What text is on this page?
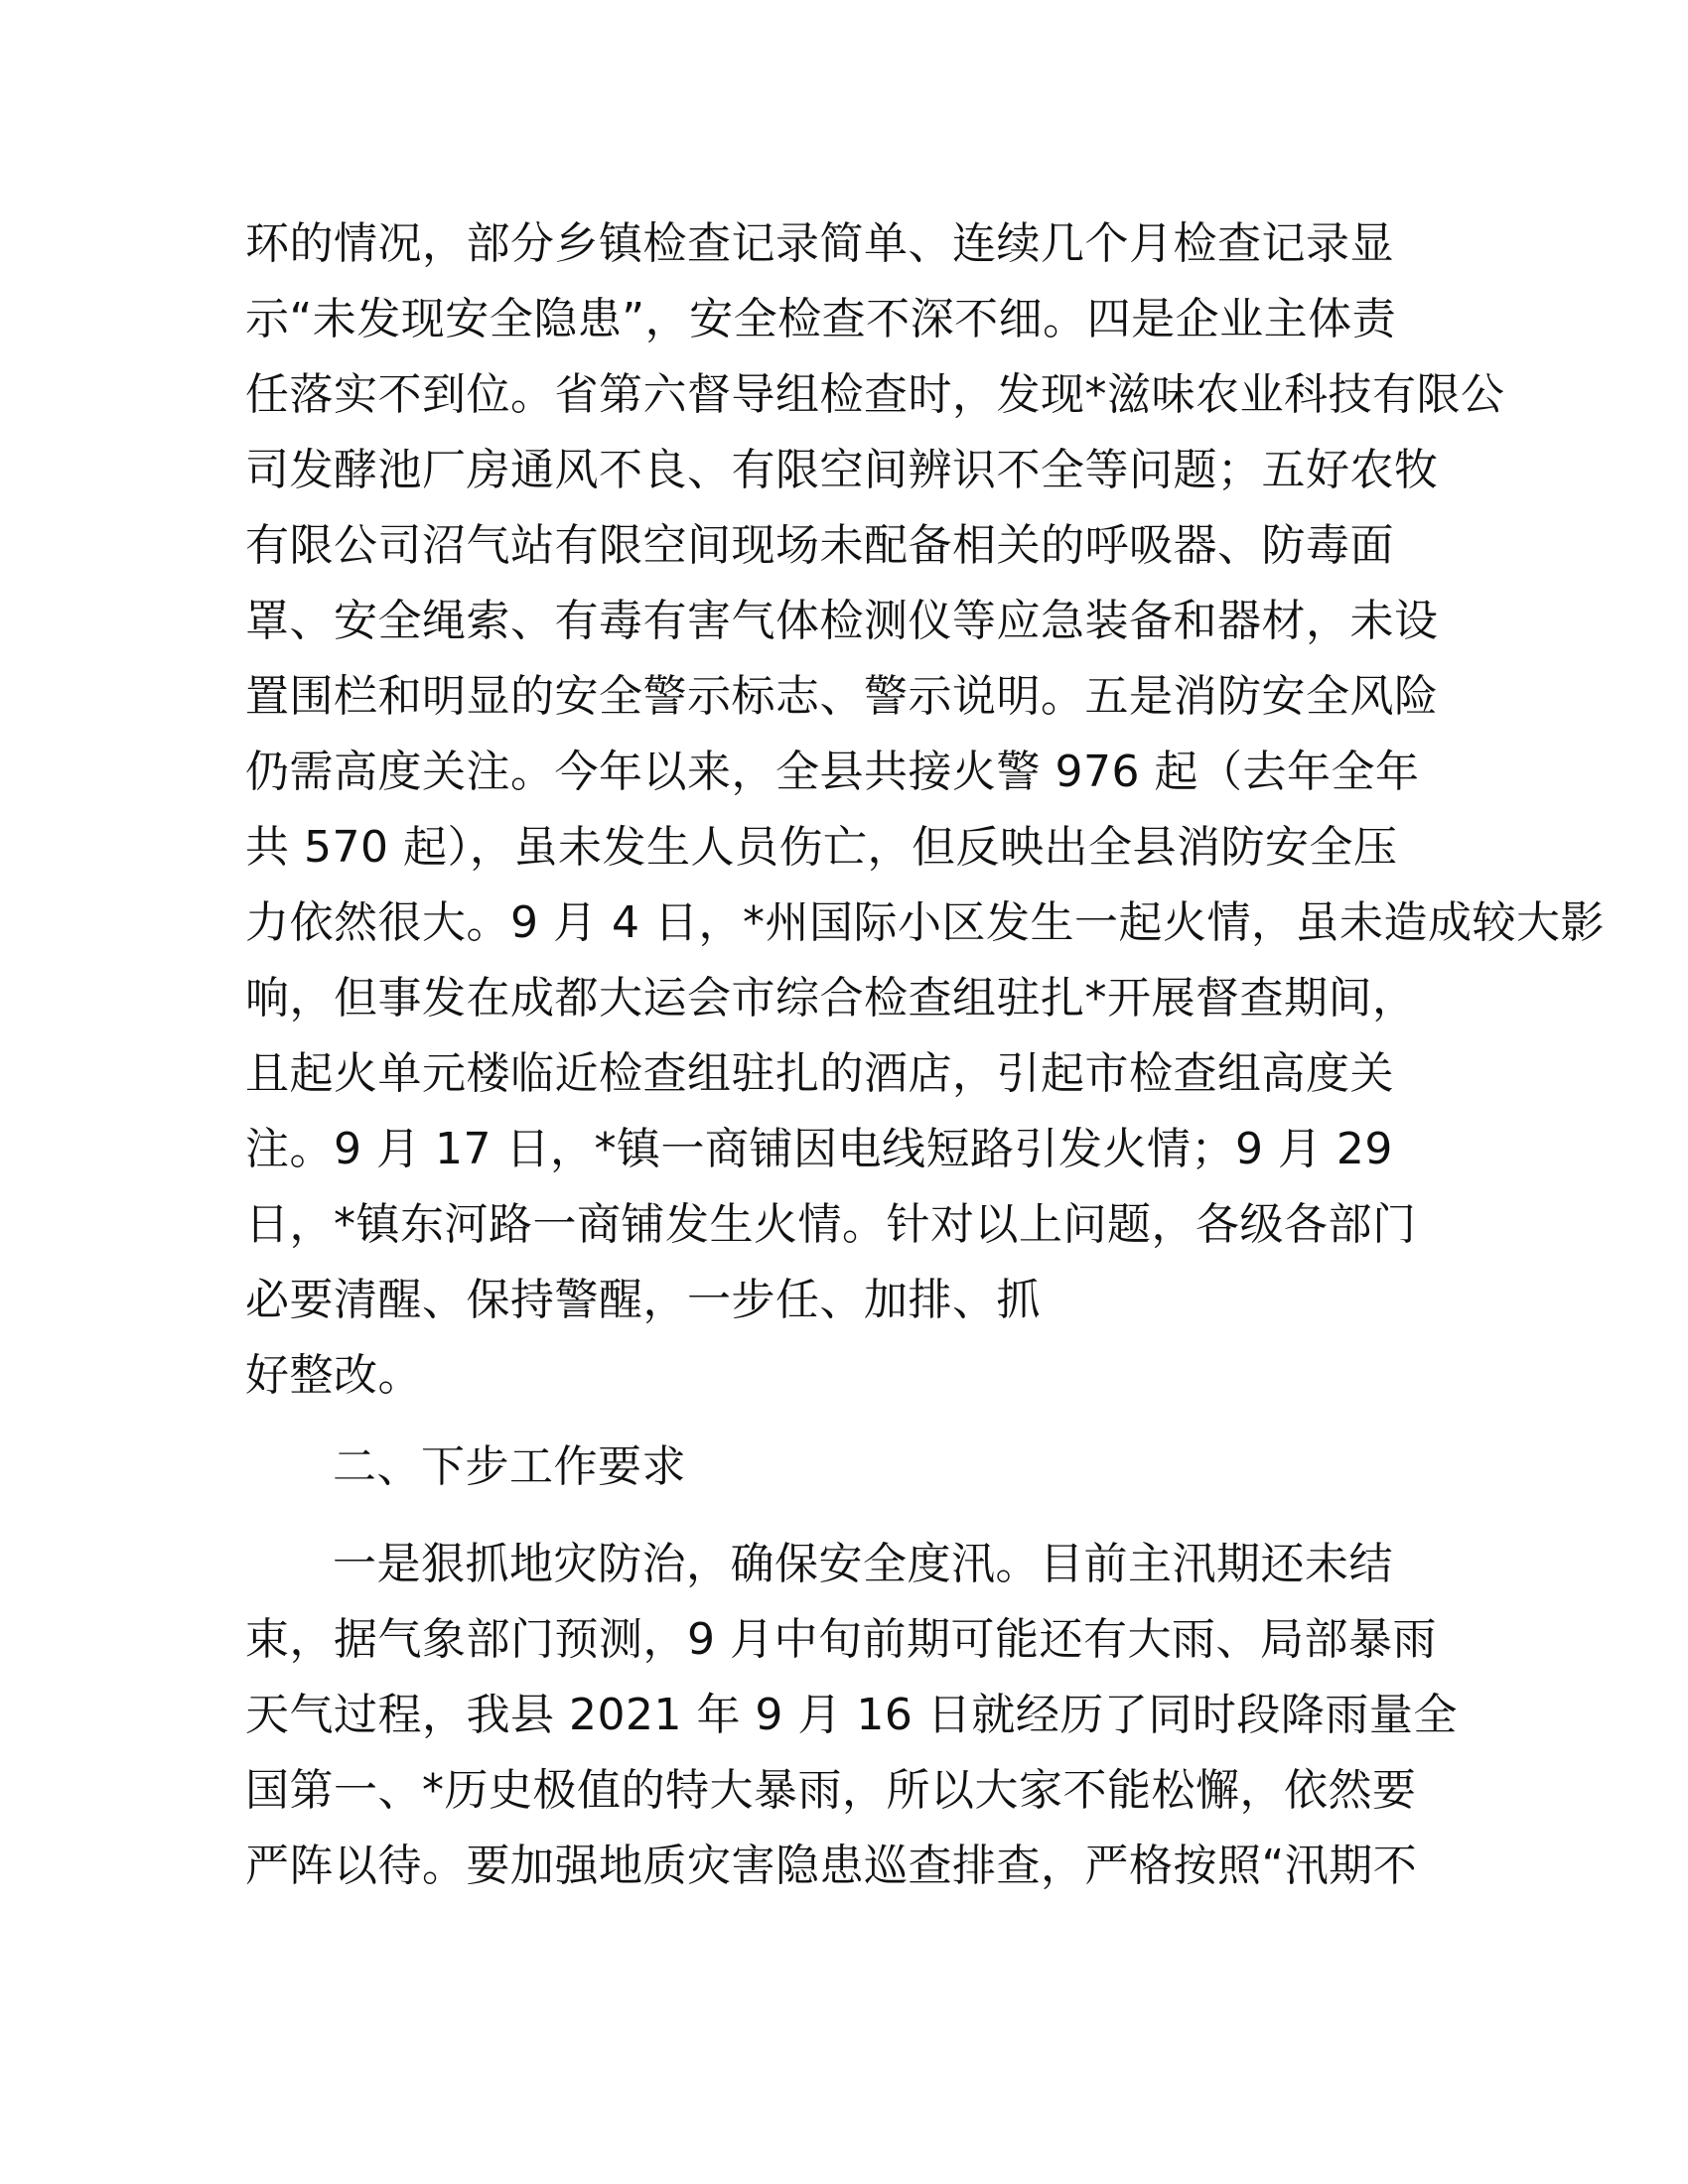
环的情况，部分乡镇检查记录简单、连续几个月检查记录显

示“未发现安全隐患”，安全检查不深不细。四是企业主体责

任落实不到位。省第六督导组检查时，发现*滋味农业科技有限公

司发酵池厂房通风不良、有限空间辨识不全等问题；五好农牧

有限公司沼气站有限空间现场未配备相关的呼吸器、防毒面

罩、安全绳索、有毒有害气体检测仪等应急装备和器材，未设

置围栏和明显的安全警示标志、警示说明。五是消防安全风险

仍需高度关注。今年以来，全县共接火警 976 起（去年全年

共 570 起），虽未发生人员伤亡，但反映出全县消防安全压

力依然很大。9 月 4 日，*州国际小区发生一起火情，虽未造成较大影

响，但事发在成都大运会市综合检查组驻扎*开展督查期间，

且起火单元楼临近检查组驻扎的酒店，引起市检查组高度关

注。9 月 17 日，*镇一商铺因电线短路引发火情；9 月 29

日，*镇东河路一商铺发生火情。针对以上问题，各级各部门

必要清醒、保持警醒，一步任、加排、抓

好整改。

二、下步工作要求

一是狠抓地灾防治，确保安全度汛。目前主汛期还未结

束，据气象部门预测，9 月中旬前期可能还有大雨、局部暴雨

天气过程，我县 2021 年 9 月 16 日就经历了同时段降雨量全

国第一、*历史极值的特大暴雨，所以大家不能松懈，依然要

严阵以待。要加强地质灾害隐患巡查排查，严格按照“汛期不
